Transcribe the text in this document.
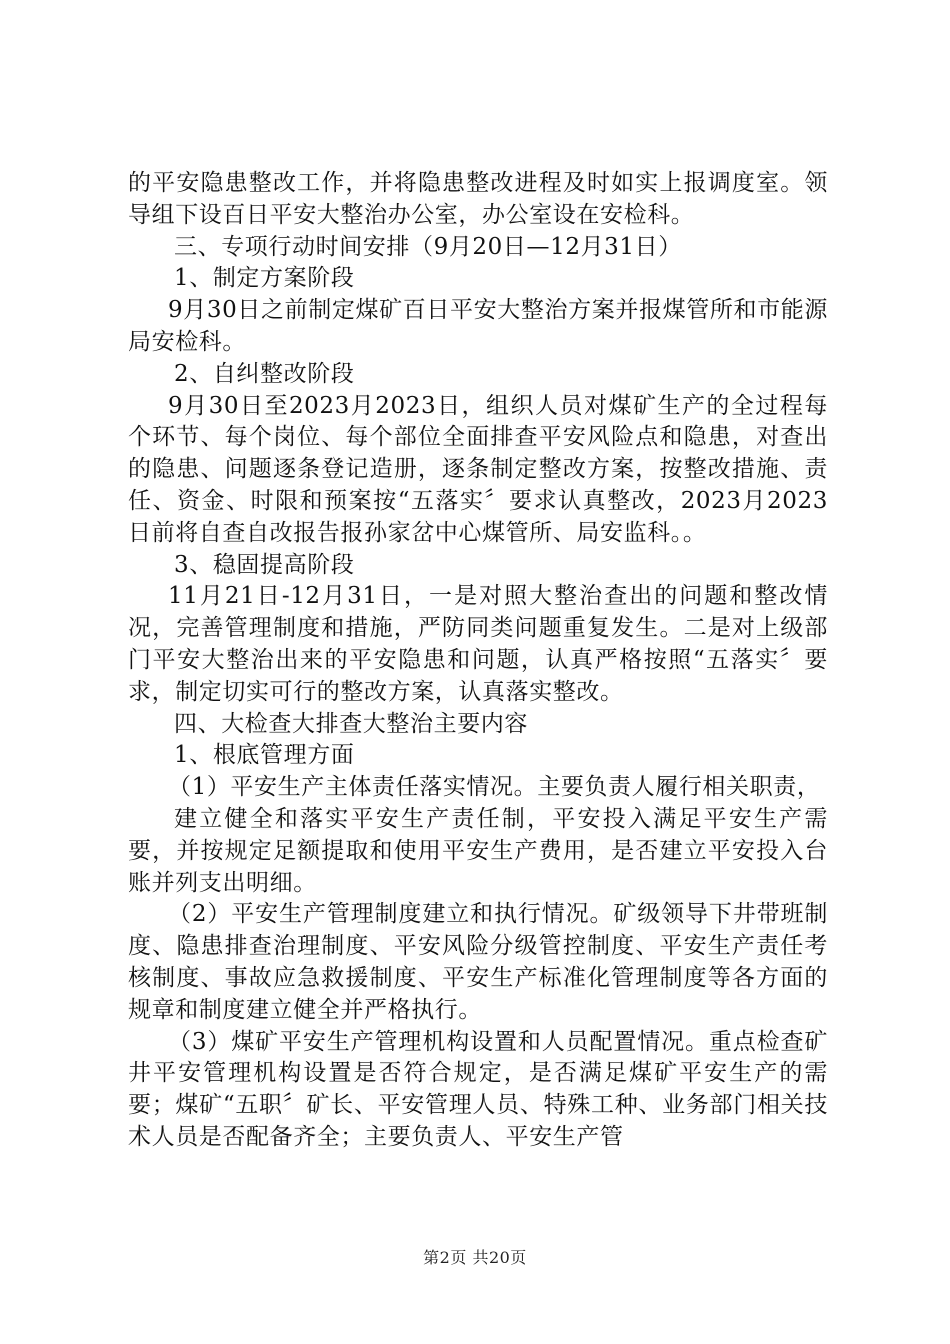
的平安隐患整改工作，并将隐患整改进程及时如实上报调度室。领导组下设百日平安大整治办公室，办公室设在安检科。

三、专项行动时间安排（9月20日—12月31日）

1、制定方案阶段

9月30日之前制定煤矿百日平安大整治方案并报煤管所和市能源局安检科。

2、自纠整改阶段

9月30日至2023月2023日，组织人员对煤矿生产的全过程每个环节、每个岗位、每个部位全面排查平安风险点和隐患，对查出的隐患、问题逐条登记造册，逐条制定整改方案，按整改措施、责任、资金、时限和预案按“五落实〞要求认真整改，2023月2023日前将自查自改报告报孙家岔中心煤管所、局安监科。。

3、稳固提高阶段

11月21日-12月31日，一是对照大整治查出的问题和整改情况，完善管理制度和措施，严防同类问题重复发生。二是对上级部门平安大整治出来的平安隐患和问题，认真严格按照“五落实〞要求，制定切实可行的整改方案，认真落实整改。

四、大检查大排查大整治主要内容

1、根底管理方面

（1）平安生产主体责任落实情况。主要负责人履行相关职责，

建立健全和落实平安生产责任制，平安投入满足平安生产需要，并按规定足额提取和使用平安生产费用，是否建立平安投入台账并列支出明细。

（2）平安生产管理制度建立和执行情况。矿级领导下井带班制度、隐患排查治理制度、平安风险分级管控制度、平安生产责任考核制度、事故应急救援制度、平安生产标准化管理制度等各方面的规章和制度建立健全并严格执行。

（3）煤矿平安生产管理机构设置和人员配置情况。重点检查矿井平安管理机构设置是否符合规定，是否满足煤矿平安生产的需要；煤矿“五职〞矿长、平安管理人员、特殊工种、业务部门相关技术人员是否配备齐全；主要负责人、平安生产管

第2页 共20页
